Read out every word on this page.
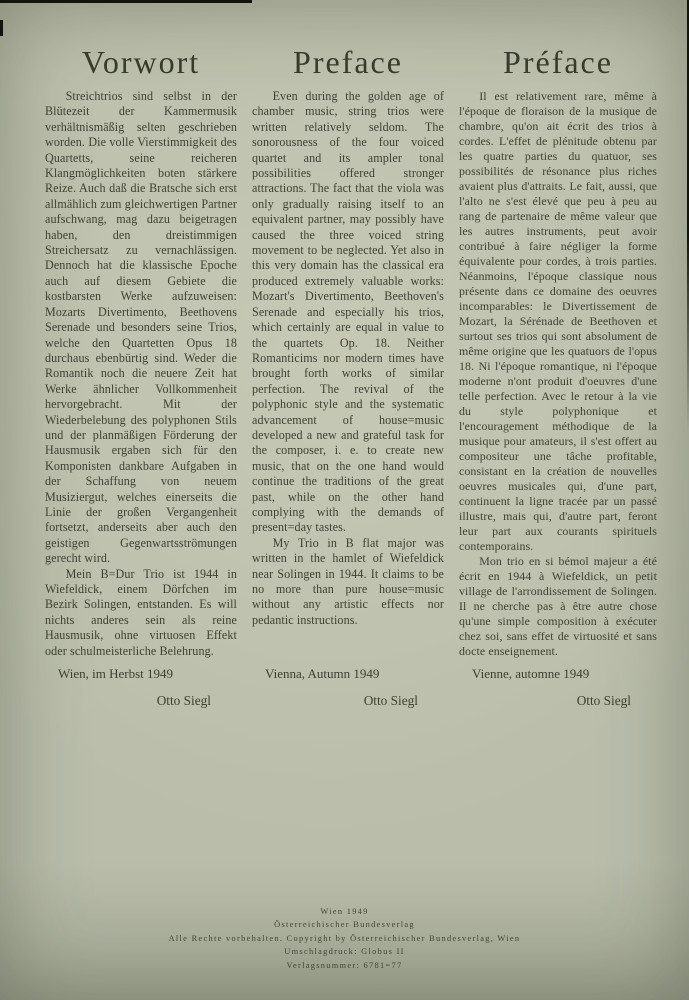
Vorwort

Streichtrios sind selbst in der Blütezeit der Kammermusik verhältnismäßig selten geschrieben worden. Die volle Vierstimmigkeit des Quartetts, seine reicheren Klangmöglichkeiten boten stärkere Reize. Auch daß die Bratsche sich erst allmählich zum gleichwertigen Partner aufschwang, mag dazu beigetragen haben, den dreistimmigen Streichersatz zu vernachlässigen. Dennoch hat die klassische Epoche auch auf diesem Gebiete die kostbarsten Werke aufzuweisen: Mozarts Divertimento, Beethovens Serenade und besonders seine Trios, welche den Quartetten Opus 18 durchaus ebenbürtig sind. Weder die Romantik noch die neuere Zeit hat Werke ähnlicher Vollkommenheit hervorgebracht. Mit der Wiederbelebung des polyphonen Stils und der planmäßigen Förderung der Hausmusik ergaben sich für den Komponisten dankbare Aufgaben in der Schaffung von neuem Musiziergut, welches einerseits die Linie der großen Vergangenheit fortsetzt, anderseits aber auch den geistigen Gegenwartsströmungen gerecht wird.

Mein B=Dur Trio ist 1944 in Wiefeldick, einem Dörfchen im Bezirk Solingen, entstanden. Es will nichts anderes sein als reine Hausmusik, ohne virtuosen Effekt oder schulmeisterliche Belehrung.

Wien, im Herbst 1949
Otto Siegl
Preface

Even during the golden age of chamber music, string trios were written relatively seldom. The sonorousness of the four voiced quartet and its ampler tonal possibilities offered stronger attractions. The fact that the viola was only gradually raising itself to an equivalent partner, may possibly have caused the three voiced string movement to be neglected. Yet also in this very domain has the classical era produced extremely valuable works: Mozart's Divertimento, Beethoven's Serenade and especially his trios, which certainly are equal in value to the quartets Op. 18. Neither Romanticims nor modern times have brought forth works of similar perfection. The revival of the polyphonic style and the systematic advancement of house=music developed a new and grateful task for the composer, i. e. to create new music, that on the one hand would continue the traditions of the great past, while on the other hand complying with the demands of present=day tastes.

My Trio in B flat major was written in the hamlet of Wiefeldick near Solingen in 1944. It claims to be no more than pure house=music without any artistic effects nor pedantic instructions.

Vienna, Autumn 1949
Otto Siegl
Préface

Il est relativement rare, même à l'époque de floraison de la musique de chambre, qu'on ait écrit des trios à cordes. L'effet de plénitude obtenu par les quatre parties du quatuor, ses possibilités de résonance plus riches avaient plus d'attraits. Le fait, aussi, que l'alto ne s'est élevé que peu à peu au rang de partenaire de même valeur que les autres instruments, peut avoir contribué à faire négliger la forme équivalente pour cordes, à trois parties. Néanmoins, l'époque classique nous présente dans ce domaine des oeuvres incomparables: le Divertissement de Mozart, la Sérénade de Beethoven et surtout ses trios qui sont absolument de même origine que les quatuors de l'opus 18. Ni l'époque romantique, ni l'époque moderne n'ont produit d'oeuvres d'une telle perfection. Avec le retour à la vie du style polyphonique et l'encouragement méthodique de la musique pour amateurs, il s'est offert au compositeur une tâche profitable, consistant en la création de nouvelles oeuvres musicales qui, d'une part, continuent la ligne tracée par un passé illustre, mais qui, d'autre part, feront leur part aux courants spirituels contemporains.

Mon trio en si bémol majeur a été écrit en 1944 à Wiefeldick, un petit village de l'arrondissement de Solingen. Il ne cherche pas à être autre chose qu'une simple composition à exécuter chez soi, sans effet de virtuosité et sans docte enseignement.

Vienne, automne 1949
Otto Siegl
Wien 1949
Österreichischer Bundesverlag
Alle Rechte vorbehalten. Copyright by Österreichischer Bundesverlag, Wien
Umschlagdruck: Globus II
Verlagsnummer: 6781=77
